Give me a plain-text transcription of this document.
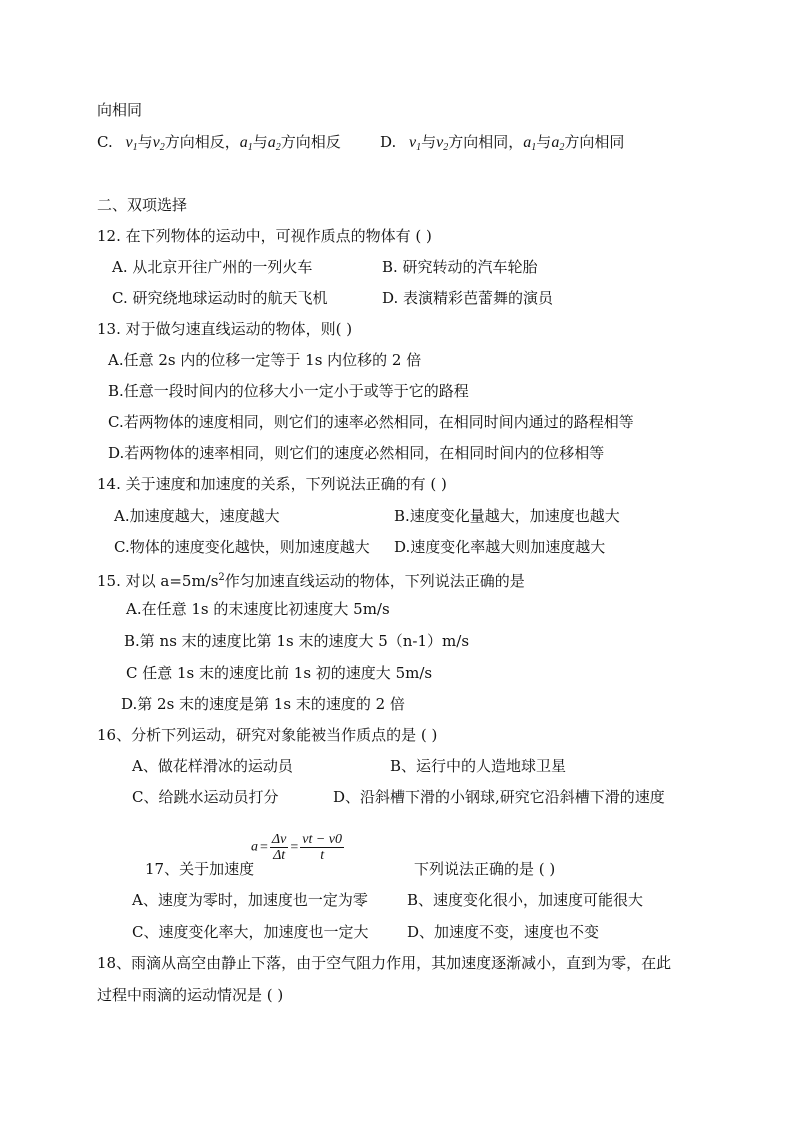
向相同
C. $v_1$与$v_2$方向相反，$a_1$与$a_2$方向相反	D. $v_1$与$v_2$方向相同，$a_1$与$a_2$方向相同
二、双项选择
12. 在下列物体的运动中，可视作质点的物体有 ( )
A. 从北京开往广州的一列火车	B. 研究转动的汽车轮胎
C. 研究绕地球运动时的航天飞机	D. 表演精彩芭蕾舞的演员
13. 对于做匀速直线运动的物体，则( )
A.任意 2s 内的位移一定等于 1s 内位移的 2 倍
B.任意一段时间内的位移大小一定小于或等于它的路程
C.若两物体的速度相同，则它们的速率必然相同，在相同时间内通过的路程相等
D.若两物体的速率相同，则它们的速度必然相同，在相同时间内的位移相等
14. 关于速度和加速度的关系，下列说法正确的有 ( )
A.加速度越大，速度越大	B.速度变化量越大，加速度也越大
C.物体的速度变化越快，则加速度越大 D.速度变化率越大则加速度越大
15. 对以 $a=5m/s^2$作匀加速直线运动的物体，下列说法正确的是
A.在任意 1s 的末速度比初速度大 5m/s
B.第 ns 末的速度比第 1s 末的速度大 5（n-1）m/s
C 任意 1s 末的速度比前 1s 初的速度大 5m/s
D.第 2s 末的速度是第 1s 末的速度的 2 倍
16、分析下列运动，研究对象能被当作质点的是 ( )
A、做花样滑冰的运动员	B、运行中的人造地球卫星
C、给跳水运动员打分	D、沿斜槽下滑的小钢球,研究它沿斜槽下滑的速度
$a = \frac{\Delta v}{\Delta t} = \frac{vt - v0}{t}$
17、关于加速度	下列说法正确的是 ( )
A、速度为零时，加速度也一定为零	B、速度变化很小，加速度可能很大
C、速度变化率大，加速度也一定大	D、加速度不变，速度也不变
18、雨滴从高空由静止下落，由于空气阻力作用，其加速度逐渐减小，直到为零，在此
过程中雨滴的运动情况是 ( )
